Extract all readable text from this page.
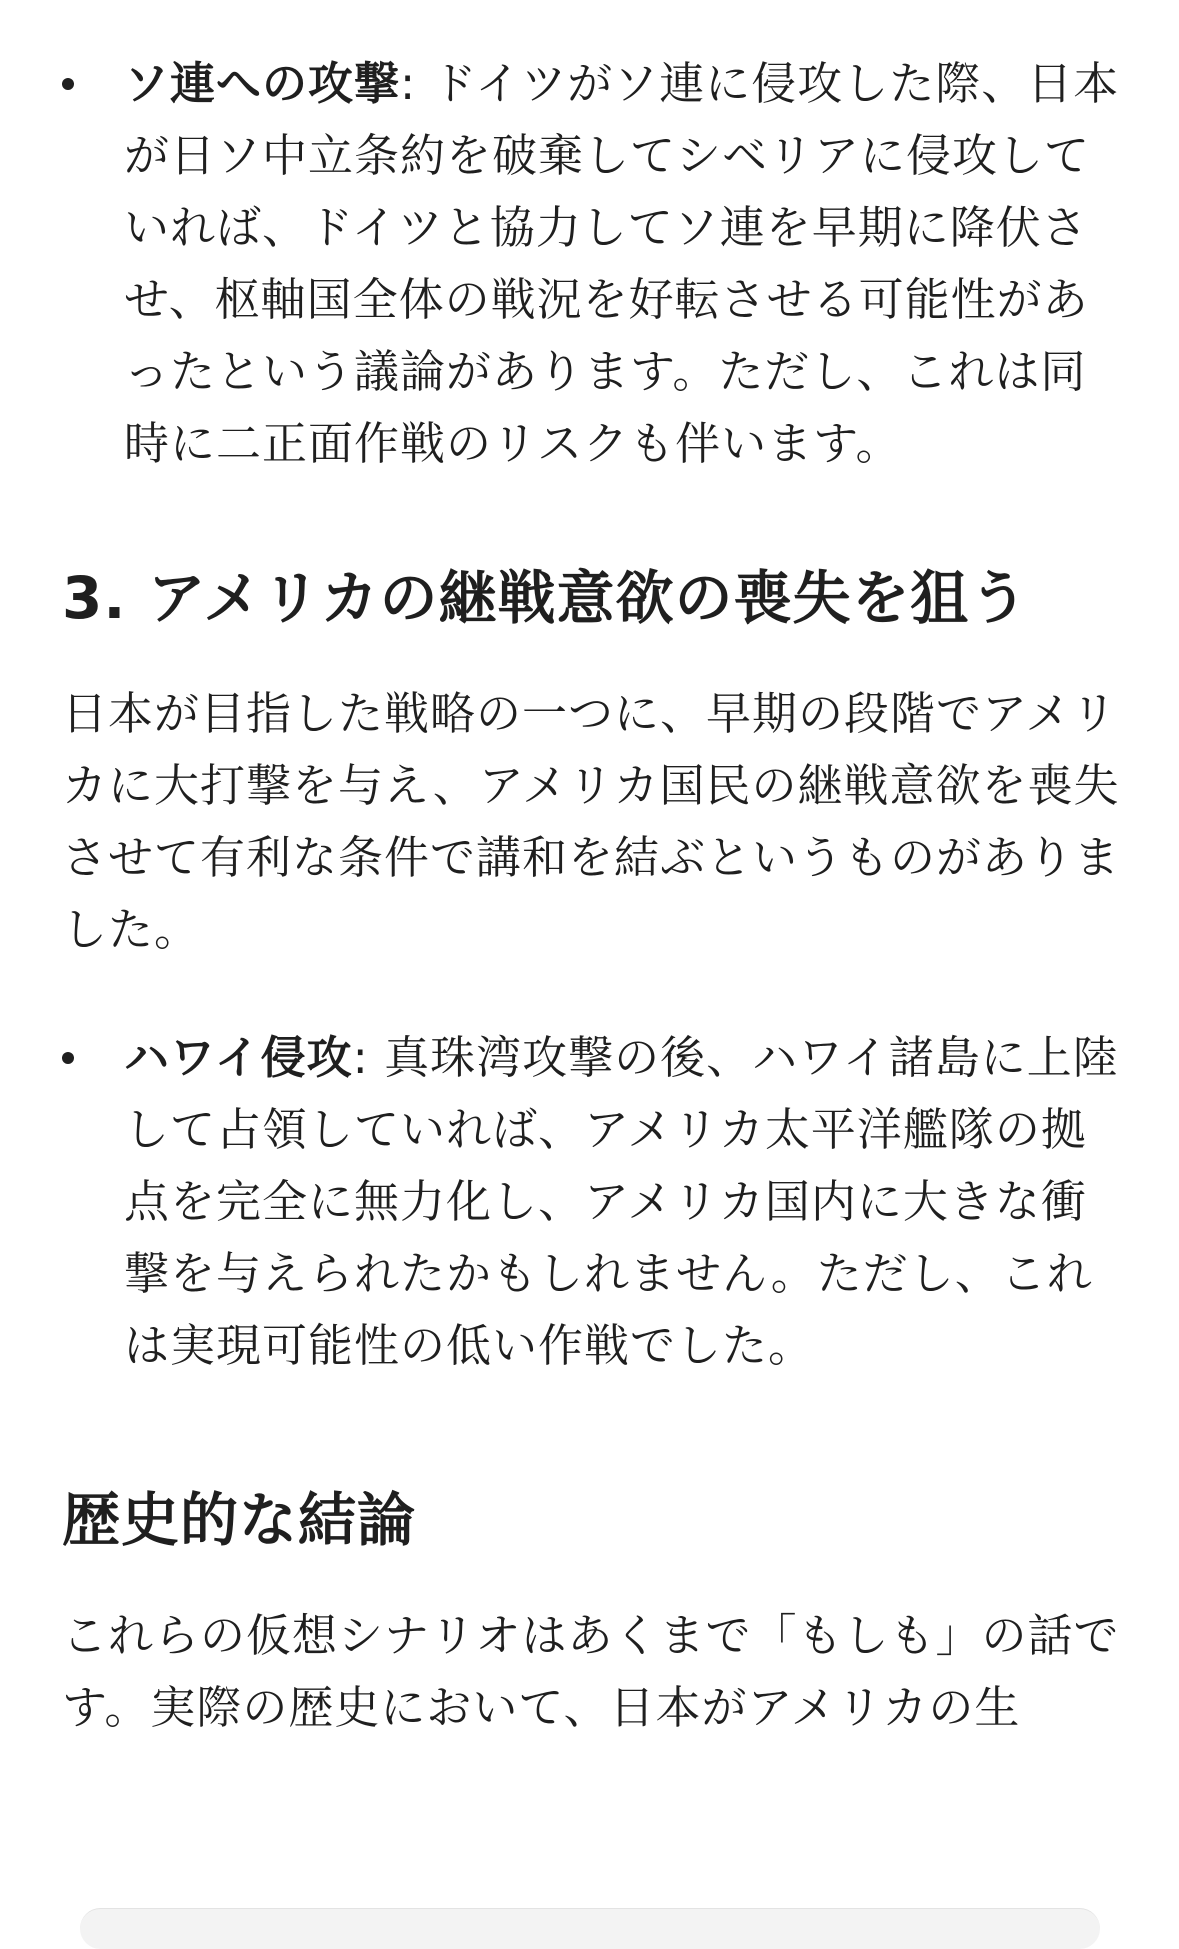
ソ連への攻撃: ドイツがソ連に侵攻した際、日本が日ソ中立条約を破棄してシベリアに侵攻していれば、ドイツと協力してソ連を早期に降伏させ、枢軸国全体の戦況を好転させる可能性があったという議論があります。ただし、これは同時に二正面作戦のリスクも伴います。
3. アメリカの継戦意欲の喪失を狙う

日本が目指した戦略の一つに、早期の段階でアメリカに大打撃を与え、アメリカ国民の継戦意欲を喪失させて有利な条件で講和を結ぶというものがありました。

ハワイ侵攻: 真珠湾攻撃の後、ハワイ諸島に上陸して占領していれば、アメリカ太平洋艦隊の拠点を完全に無力化し、アメリカ国内に大きな衝撃を与えられたかもしれません。ただし、これは実現可能性の低い作戦でした。
歴史的な結論

これらの仮想シナリオはあくまで「もしも」の話です。実際の歴史において、日本がアメリカの生
